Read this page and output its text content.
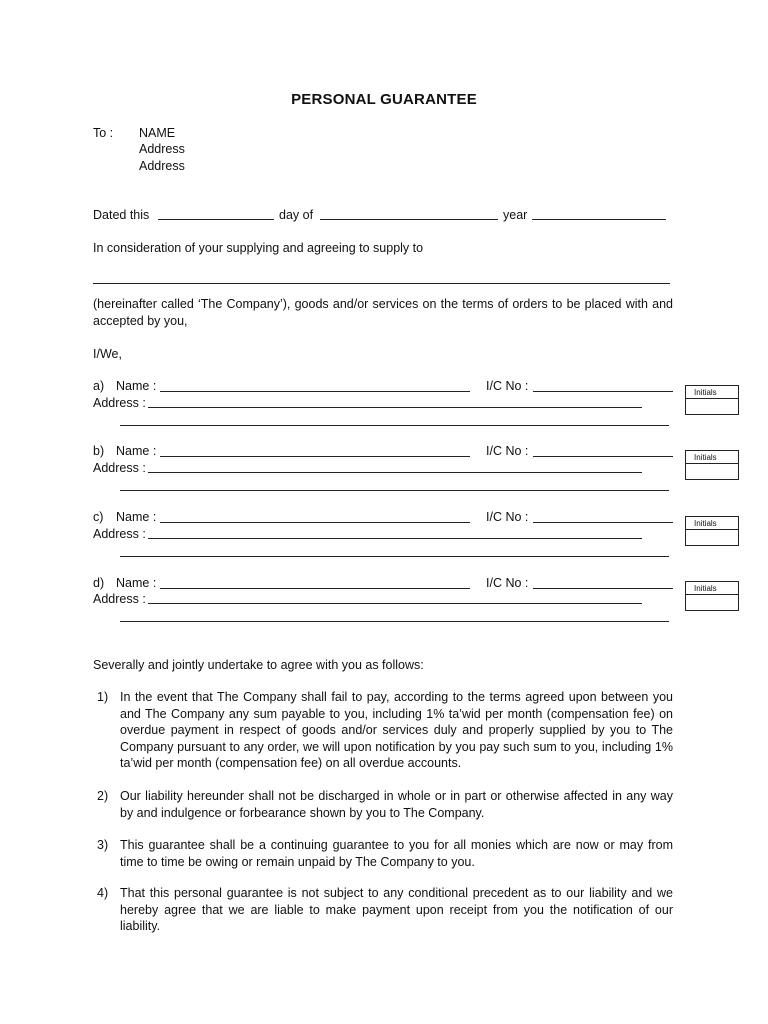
PERSONAL GUARANTEE
To : NAME
Address
Address
Dated this	day of	year
In consideration of your supplying and agreeing to supply to
(hereinafter called ‘The Company’), goods and/or services on the terms of orders to be placed with and accepted by you,
I/We,
a) Name :	I/C No :
Address :
Initials
b) Name :	I/C No :
Address :
Initials
c) Name :	I/C No :
Address :
Initials
d) Name :	I/C No :
Address :
Initials
Severally and jointly undertake to agree with you as follows:
1) In the event that The Company shall fail to pay, according to the terms agreed upon between you and The Company any sum payable to you, including 1% ta’wid per month (compensation fee) on overdue payment in respect of goods and/or services duly and properly supplied by you to The Company pursuant to any order, we will upon notification by you pay such sum to you, including 1% ta’wid per month (compensation fee) on all overdue accounts.
2) Our liability hereunder shall not be discharged in whole or in part or otherwise affected in any way by and indulgence or forbearance shown by you to The Company.
3) This guarantee shall be a continuing guarantee to you for all monies which are now or may from time to time be owing or remain unpaid by The Company to you.
4) That this personal guarantee is not subject to any conditional precedent as to our liability and we hereby agree that we are liable to make payment upon receipt from you the notification of our liability.
